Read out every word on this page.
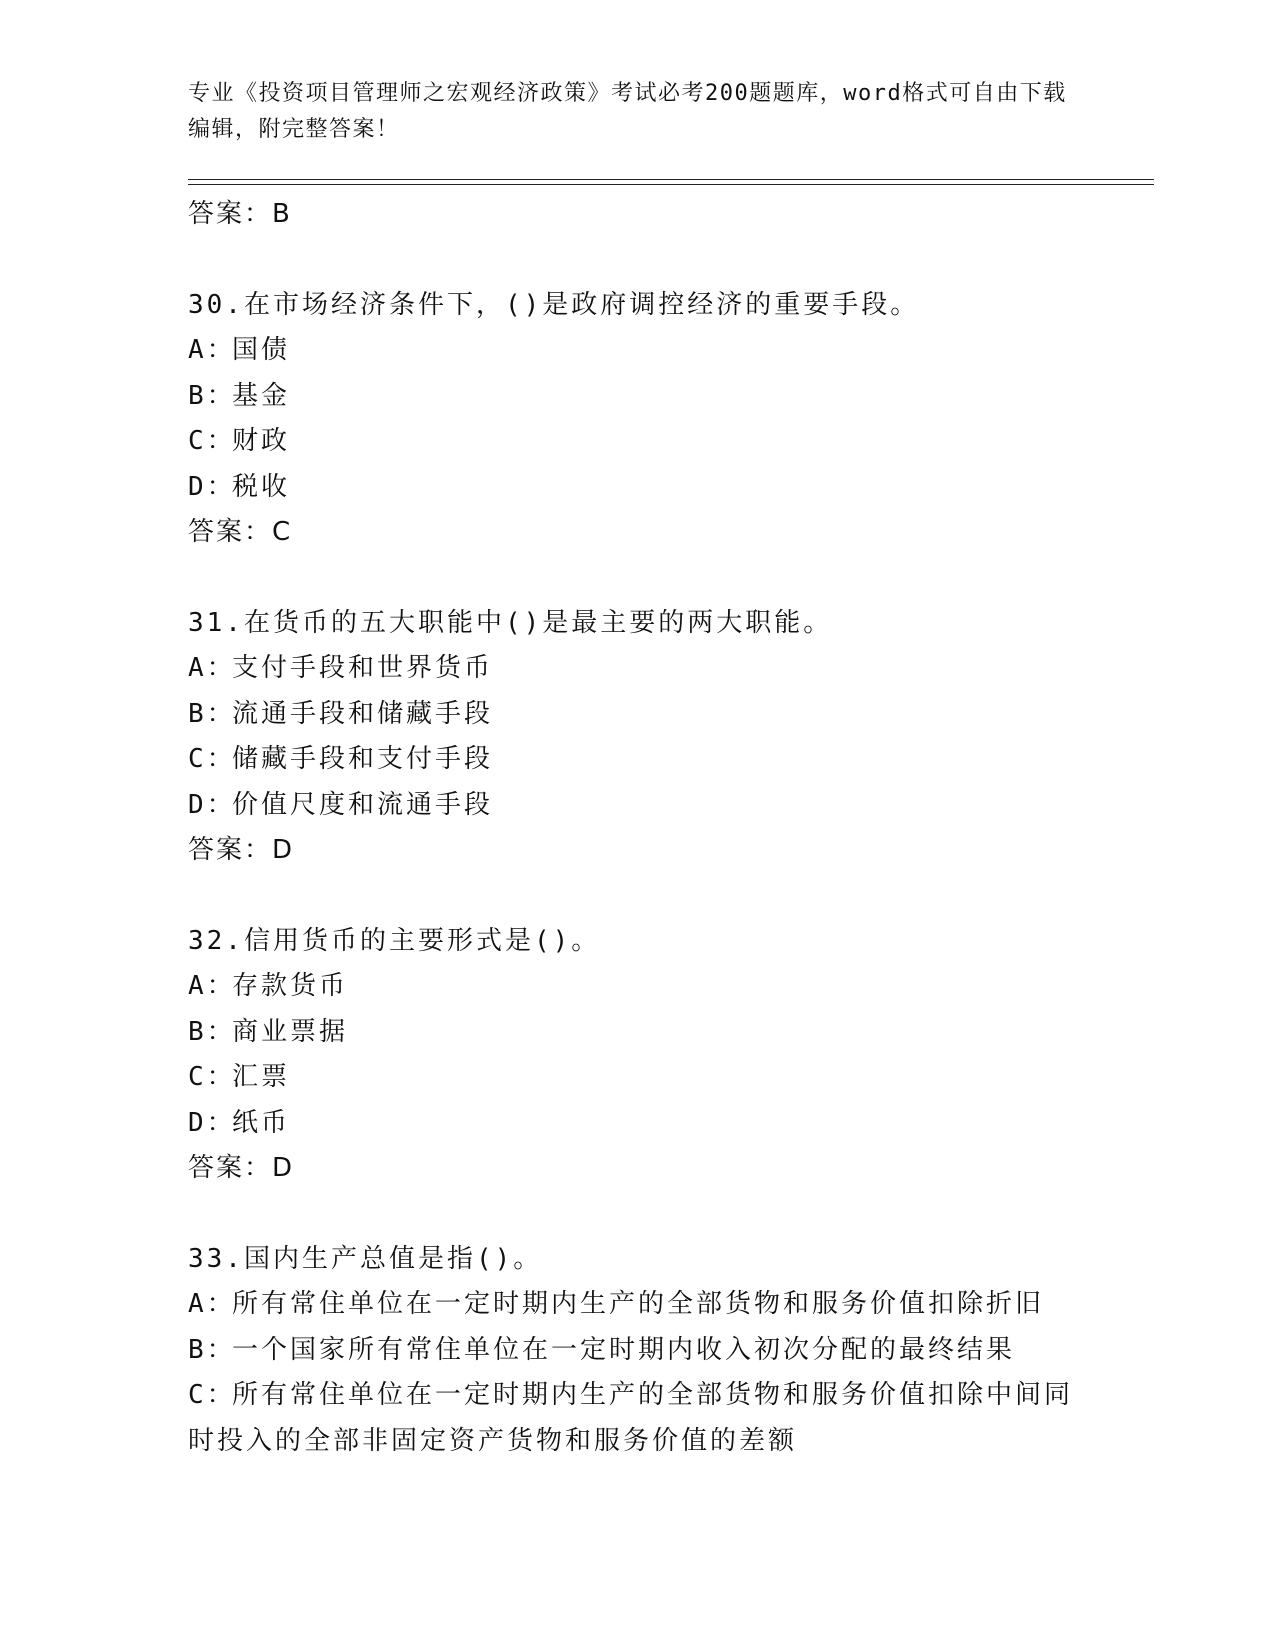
专业《投资项目管理师之宏观经济政策》考试必考200题题库，word格式可自由下载编辑，附完整答案！
答案：B
30.在市场经济条件下，()是政府调控经济的重要手段。
A：国债
B：基金
C：财政
D：税收
答案：C
31.在货币的五大职能中()是最主要的两大职能。
A：支付手段和世界货币
B：流通手段和储藏手段
C：储藏手段和支付手段
D：价值尺度和流通手段
答案：D
32.信用货币的主要形式是()。
A：存款货币
B：商业票据
C：汇票
D：纸币
答案：D
33.国内生产总值是指()。
A：所有常住单位在一定时期内生产的全部货物和服务价值扣除折旧
B：一个国家所有常住单位在一定时期内收入初次分配的最终结果
C：所有常住单位在一定时期内生产的全部货物和服务价值扣除中间同时投入的全部非固定资产货物和服务价值的差额
